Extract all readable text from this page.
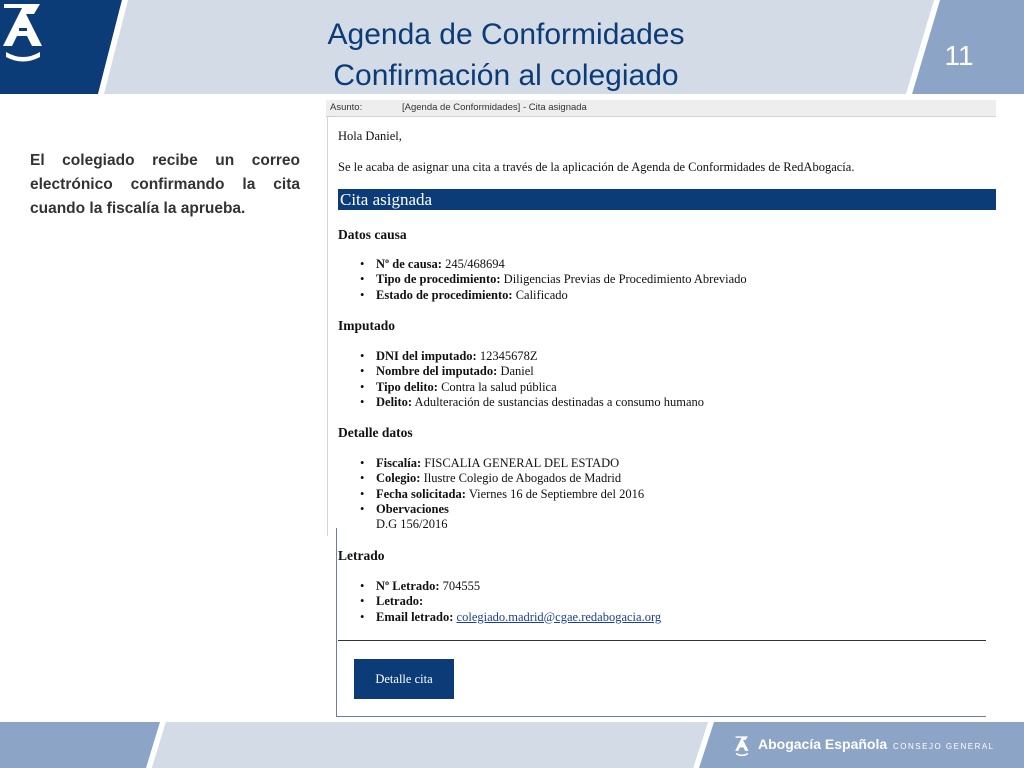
Agenda de Conformidades
Confirmación al colegiado
11
El colegiado recibe un correo electrónico confirmando la cita cuando la fiscalía la aprueba.
Asunto:	[Agenda de Conformidades] - Cita asignada
Hola Daniel,
Se le acaba de asignar una cita a través de la aplicación de Agenda de Conformidades de RedAbogacía.
Cita asignada
Datos causa
• Nº de causa: 245/468694
• Tipo de procedimiento: Diligencias Previas de Procedimiento Abreviado
• Estado de procedimiento: Calificado
Imputado
• DNI del imputado: 12345678Z
• Nombre del imputado: Daniel
• Tipo delito: Contra la salud pública
• Delito: Adulteración de sustancias destinadas a consumo humano
Detalle datos
• Fiscalía: FISCALIA GENERAL DEL ESTADO
• Colegio: Ilustre Colegio de Abogados de Madrid
• Fecha solicitada: Viernes 16 de Septiembre del 2016
• Obervaciones
D.G 156/2016
Letrado
• Nº Letrado: 704555
• Letrado:
• Email letrado: colegiado.madrid@cgae.redabogacia.org
Detalle cita
Abogacía Española CONSEJO GENERAL
